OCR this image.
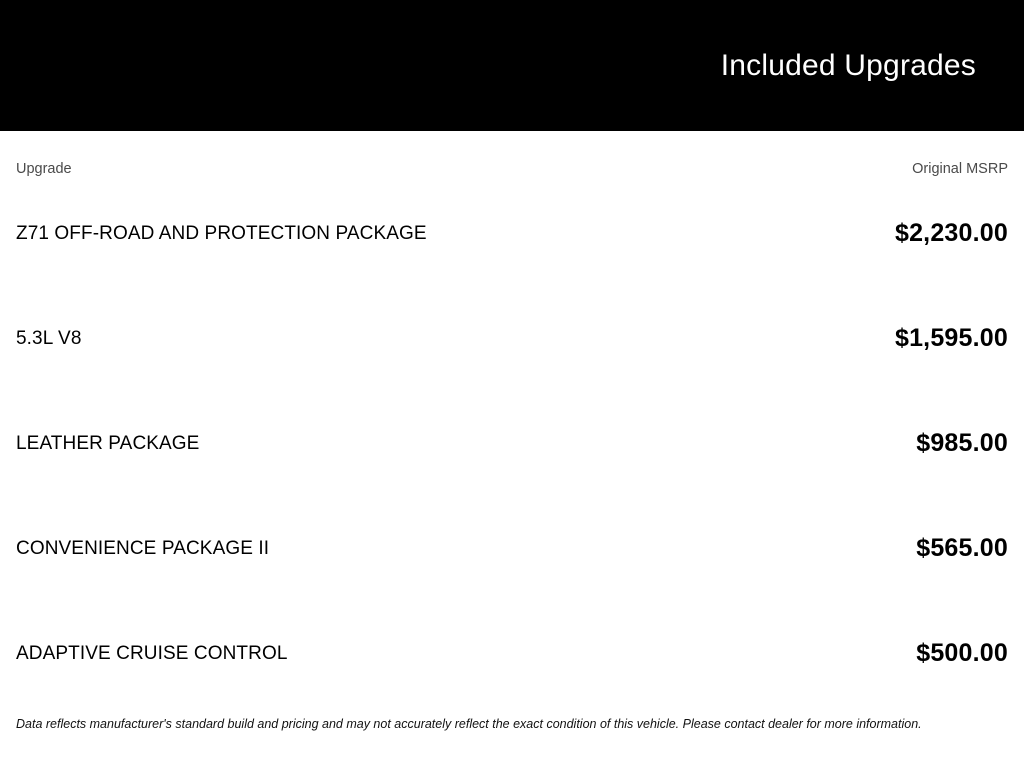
Included Upgrades
Upgrade	Original MSRP
Z71 OFF-ROAD AND PROTECTION PACKAGE	$2,230.00
5.3L V8	$1,595.00
LEATHER PACKAGE	$985.00
CONVENIENCE PACKAGE II	$565.00
ADAPTIVE CRUISE CONTROL	$500.00
Data reflects manufacturer's standard build and pricing and may not accurately reflect the exact condition of this vehicle. Please contact dealer for more information.
